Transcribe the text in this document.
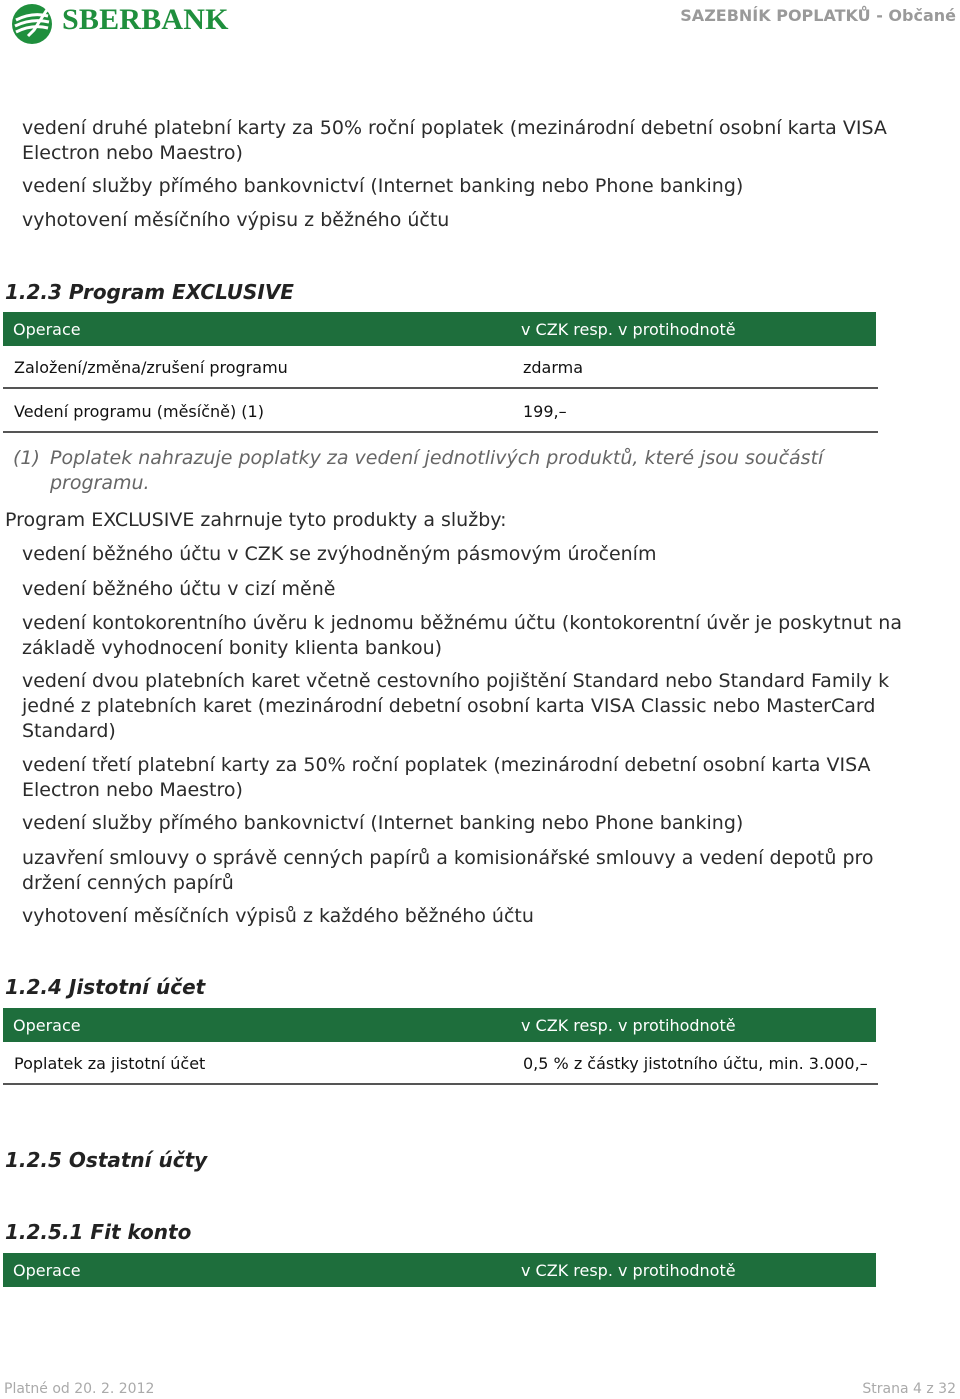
SBERBANK	SAZEBNÍK POPLATKŮ - Občané
vedení druhé platební karty za 50% roční poplatek (mezinárodní debetní osobní karta VISA Electron nebo Maestro)
vedení služby přímého bankovnictví (Internet banking nebo Phone banking)
vyhotovení měsíčního výpisu z běžného účtu
1.2.3 Program EXCLUSIVE
Operace	v CZK resp. v protihodnotě
Založení/změna/zrušení programu	zdarma
Vedení programu (měsíčně) (1)	199,–
(1) Poplatek nahrazuje poplatky za vedení jednotlivých produktů, které jsou součástí programu.
Program EXCLUSIVE zahrnuje tyto produkty a služby:
vedení běžného účtu v CZK se zvýhodněným pásmovým úročením
vedení běžného účtu v cizí měně
vedení kontokorentního úvěru k jednomu běžnému účtu (kontokorentní úvěr je poskytnut na základě vyhodnocení bonity klienta bankou)
vedení dvou platebních karet včetně cestovního pojištění Standard nebo Standard Family k jedné z platebních karet (mezinárodní debetní osobní karta VISA Classic nebo MasterCard Standard)
vedení třetí platební karty za 50% roční poplatek (mezinárodní debetní osobní karta VISA Electron nebo Maestro)
vedení služby přímého bankovnictví (Internet banking nebo Phone banking)
uzavření smlouvy o správě cenných papírů a komisionářské smlouvy a vedení depotů pro držení cenných papírů
vyhotovení měsíčních výpisů z každého běžného účtu
1.2.4 Jistotní účet
Operace	v CZK resp. v protihodnotě
Poplatek za jistotní účet	0,5 % z částky jistotního účtu, min. 3.000,–
1.2.5 Ostatní účty
1.2.5.1 Fit konto
Operace	v CZK resp. v protihodnotě
Platné od 20. 2. 2012	Strana 4 z 32
